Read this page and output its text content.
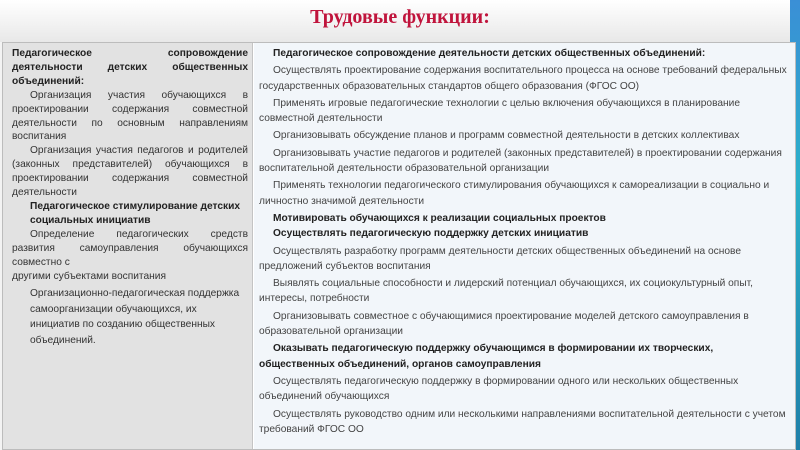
Трудовые функции:

Педагогическое сопровождение деятельности детских общественных объединений:

Организация участия обучающихся в проектировании содержания совместной деятельности по основным направлениям воспитания

Организация участия педагогов и родителей (законных представителей) обучающихся в проектировании содержания совместной деятельности

Педагогическое стимулирование детских социальных инициатив

Определение педагогических средств развития самоуправления обучающихся совместно с

другими субъектами воспитания

Организационно-педагогическая поддержка самоорганизации обучающихся, их инициатив по созданию общественных объединений.

Педагогическое сопровождение деятельности детских общественных объединений:

Осуществлять проектирование содержания воспитательного процесса на основе требований федеральных государственных образовательных стандартов общего образования (ФГОС ОО)

Применять игровые педагогические технологии с целью включения обучающихся в планирование совместной деятельности

Организовывать обсуждение планов и программ совместной деятельности в детских коллективах

Организовывать участие педагогов и родителей (законных представителей) в проектировании содержания воспитательной деятельности образовательной организации

Применять технологии педагогического стимулирования обучающихся к самореализации в социально и личностно значимой деятельности

Мотивировать обучающихся к реализации социальных проектов

Осуществлять педагогическую поддержку детских инициатив

Осуществлять разработку программ деятельности детских общественных объединений на основе предложений субъектов воспитания

Выявлять социальные способности и лидерский потенциал обучающихся, их социокультурный опыт, интересы, потребности

Организовывать совместное с обучающимися проектирование моделей детского самоуправления в образовательной организации

Оказывать педагогическую поддержку обучающимся в формировании их творческих, общественных объединений, органов самоуправления

Осуществлять педагогическую поддержку в формировании одного или нескольких общественных объединений обучающихся

Осуществлять руководство одним или несколькими направлениями воспитательной деятельности с учетом требований ФГОС ОО
